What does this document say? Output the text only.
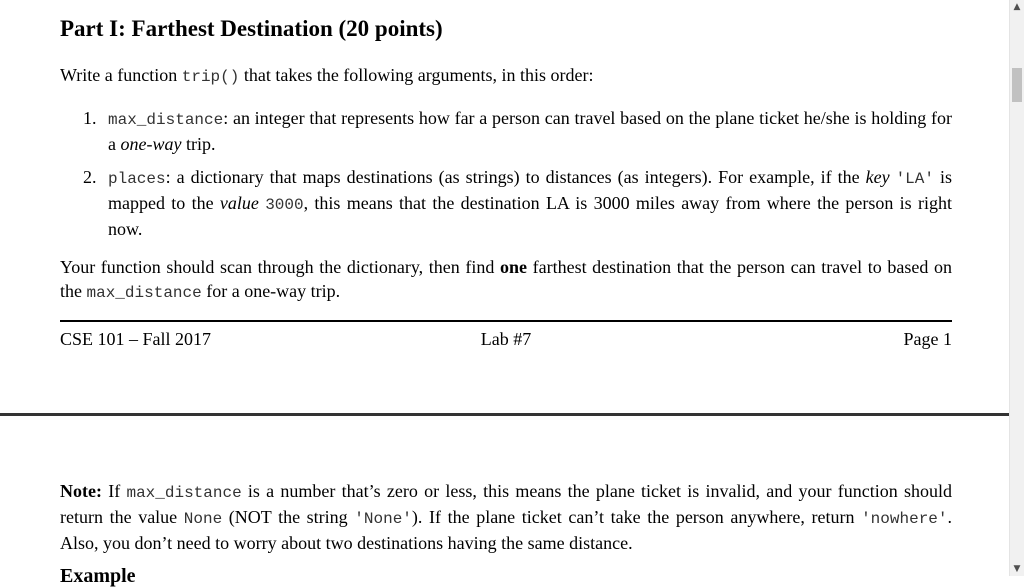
Part I: Farthest Destination (20 points)

Write a function trip() that takes the following arguments, in this order:

1. max_distance: an integer that represents how far a person can travel based on the plane ticket he/she is holding for a one-way trip.
2. places: a dictionary that maps destinations (as strings) to distances (as integers). For example, if the key 'LA' is mapped to the value 3000, this means that the destination LA is 3000 miles away from where the person is right now.

Your function should scan through the dictionary, then find one farthest destination that the person can travel to based on the max_distance for a one-way trip.

CSE 101 – Fall 2017	Lab #7	Page 1

Note: If max_distance is a number that’s zero or less, this means the plane ticket is invalid, and your function should return the value None (NOT the string 'None'). If the plane ticket can’t take the person anywhere, return 'nowhere'. Also, you don’t need to worry about two destinations having the same distance.

Example
▲
▼
